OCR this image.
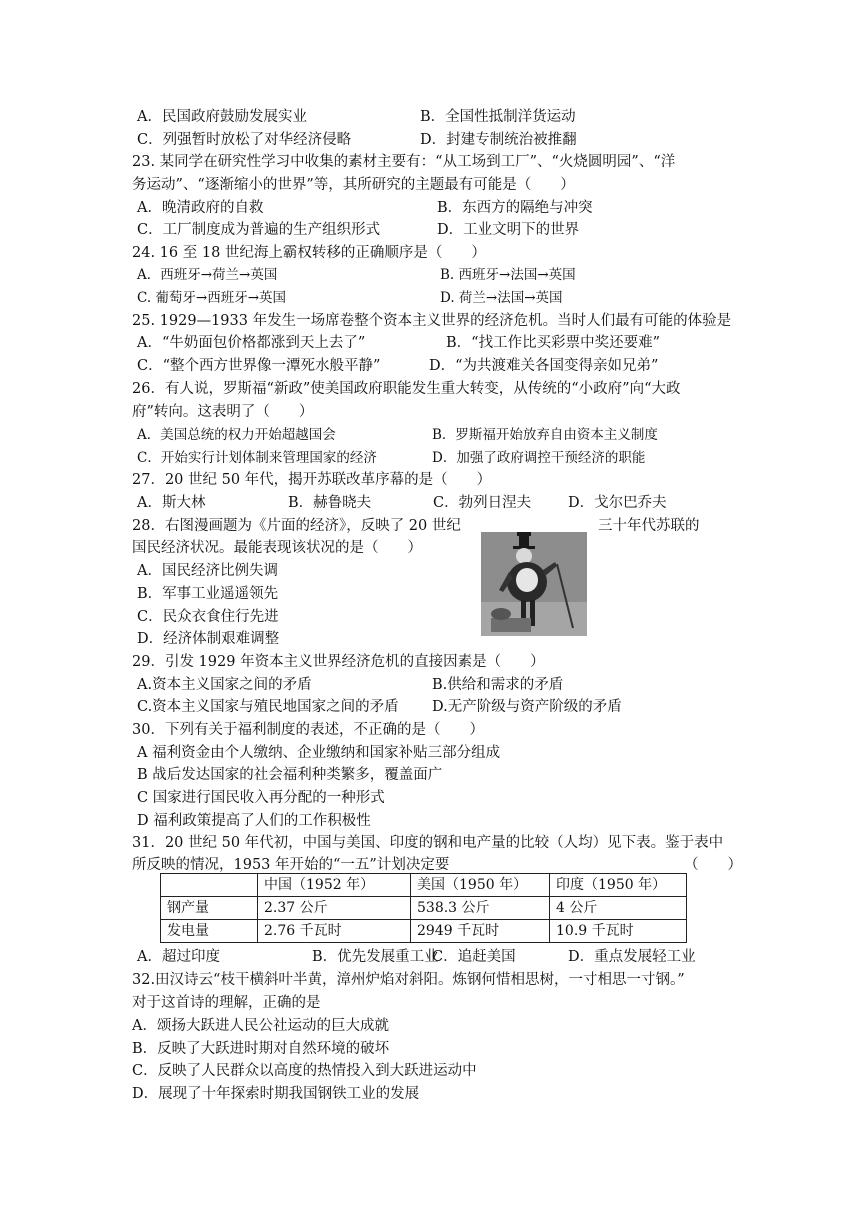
A．民国政府鼓励发展实业	B．全国性抵制洋货运动
C．列强暂时放松了对华经济侵略	D．封建专制统治被推翻
23. 某同学在研究性学习中收集的素材主要有：“从工场到工厂”、“火烧圆明园”、“洋
务运动”、“逐渐缩小的世界”等，其所研究的主题最有可能是（　　）
A．晚清政府的自救	B．东西方的隔绝与冲突
C．工厂制度成为普遍的生产组织形式	D．工业文明下的世界
24. 16 至 18 世纪海上霸权转移的正确顺序是（　　）
A．西班牙→荷兰→英国	B. 西班牙→法国→英国
C. 葡萄牙→西班牙→英国	D. 荷兰→法国→英国
25. 1929—1933 年发生一场席卷整个资本主义世界的经济危机。当时人们最有可能的体验是
A．“牛奶面包价格都涨到天上去了”	B．“找工作比买彩票中奖还要难”
C．“整个西方世界像一潭死水般平静”	D．“为共渡难关各国变得亲如兄弟”
26．有人说，罗斯福“新政”使美国政府职能发生重大转变，从传统的“小政府”向“大政
府”转向。这表明了（　　）
A．美国总统的权力开始超越国会	B．罗斯福开始放弃自由资本主义制度
C．开始实行计划体制来管理国家的经济	D．加强了政府调控干预经济的职能
27．20 世纪 50 年代，揭开苏联改革序幕的是（　　）
A．斯大林	B．赫鲁晓夫	C．勃列日涅夫	D．戈尔巴乔夫
28．右图漫画题为《片面的经济》，反映了 20 世纪	三十年代苏联的
国民经济状况。最能表现该状况的是（　　）
A．国民经济比例失调
B．军事工业遥遥领先
C．民众衣食住行先进
D．经济体制艰难调整
29．引发 1929 年资本主义世界经济危机的直接因素是（　　）
A.资本主义国家之间的矛盾	B.供给和需求的矛盾
C.资本主义国家与殖民地国家之间的矛盾 D.无产阶级与资产阶级的矛盾
30．下列有关于福利制度的表述，不正确的是（　　）
A 福利资金由个人缴纳、企业缴纳和国家补贴三部分组成
B 战后发达国家的社会福利种类繁多，覆盖面广
C 国家进行国民收入再分配的一种形式
D 福利政策提高了人们的工作积极性
31．20 世纪 50 年代初，中国与美国、印度的钢和电产量的比较（人均）见下表。鉴于表中
所反映的情况，1953 年开始的“一五”计划决定要	（　　）
	中国（1952 年）	美国（1950 年）	印度（1950 年）
钢产量	2.37 公斤	538.3 公斤	4 公斤
发电量	2.76 千瓦时	2949 千瓦时	10.9 千瓦时
A．超过印度	B．优先发展重工业
C．追赶美国	D．重点发展轻工业
32.田汉诗云“枝干横斜叶半黄，漳州炉焰对斜阳。炼钢何惜相思树，一寸相思一寸钢。”
对于这首诗的理解，正确的是
A．颂扬大跃进人民公社运动的巨大成就
B．反映了大跃进时期对自然环境的破坏
C．反映了人民群众以高度的热情投入到大跃进运动中
D．展现了十年探索时期我国钢铁工业的发展
